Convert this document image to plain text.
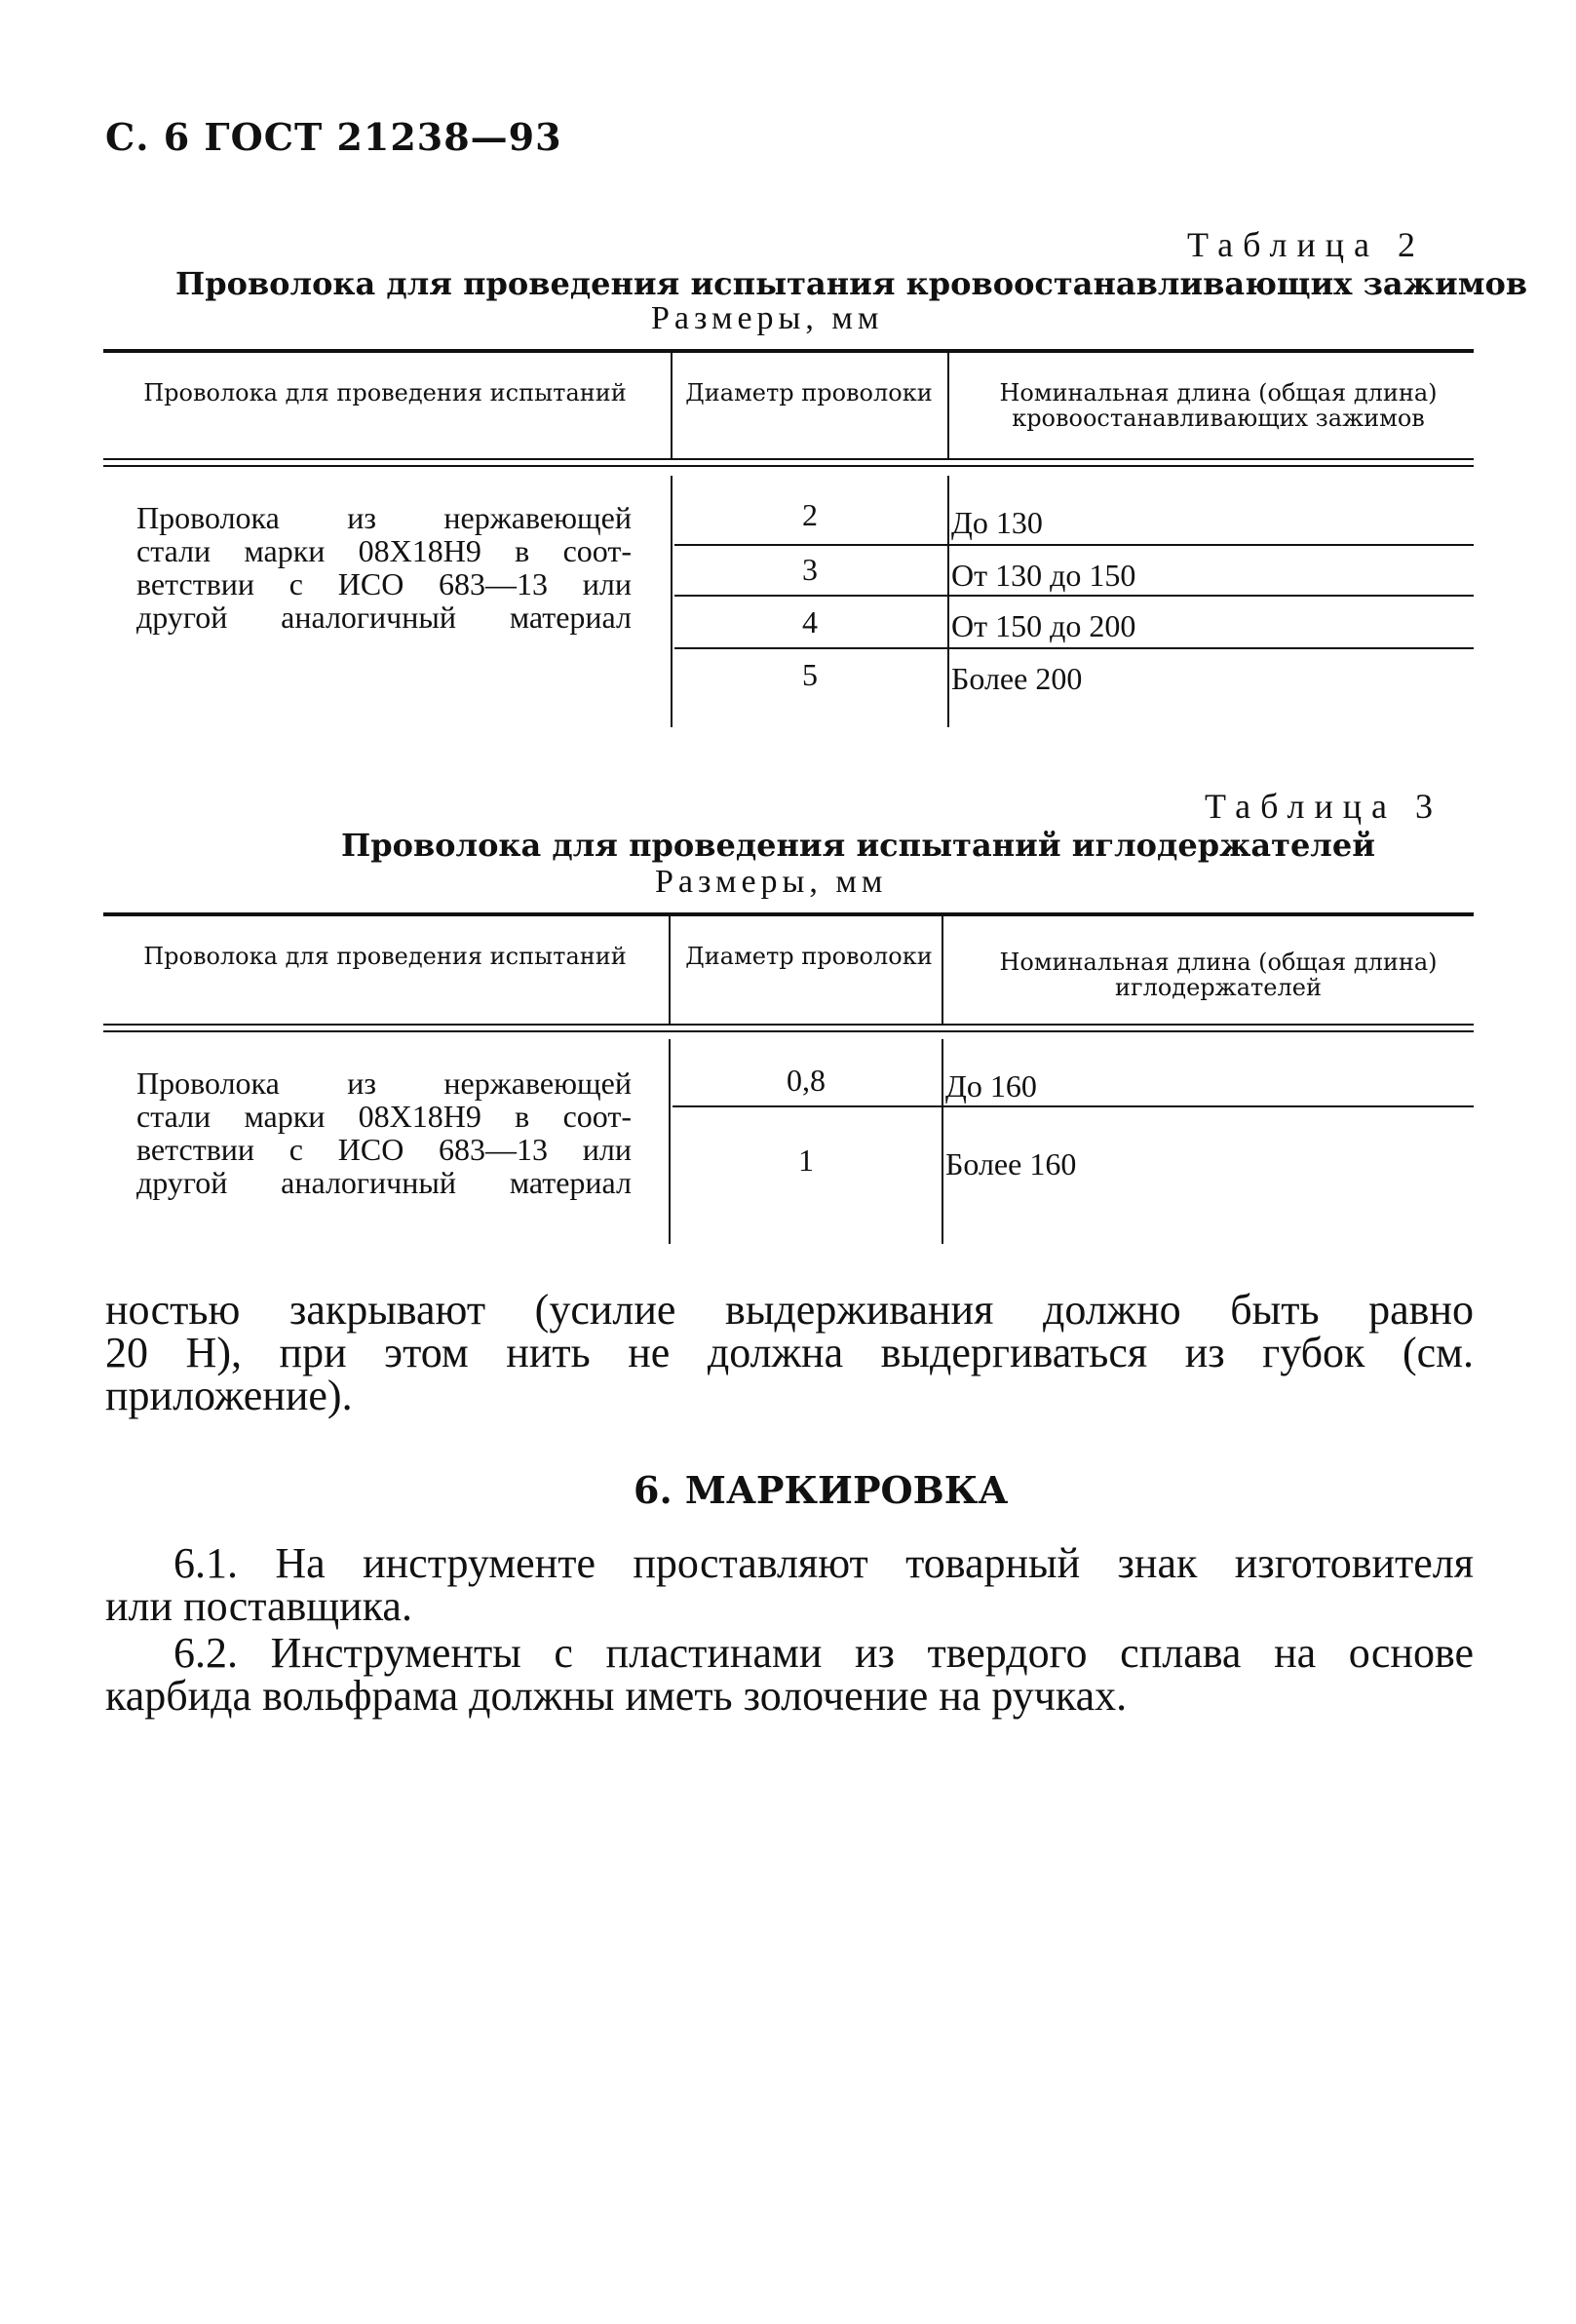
С. 6 ГОСТ 21238—93
Таблица 2
Проволока для проведения испытания кровоостанавливающих зажимов
Размеры, мм
Проволока для проведения испытаний	Диаметр проволоки	Номинальная длина (общая длина) кровоостанавливающих зажимов
Проволока из нержавеющей
стали марки 08Х18Н9 в соот-
ветствии с ИСО 683—13 или
другой аналогичный материал
2	До 130
3	От 130 до 150
4	От 150 до 200
5	Более 200
Таблица 3
Проволока для проведения испытаний иглодержателей
Размеры, мм
Проволока для проведения испытаний	Диаметр проволоки	Номинальная длина (общая длина) иглодержателей
Проволока из нержавеющей
стали марки 08Х18Н9 в соот-
ветствии с ИСО 683—13 или
другой аналогичный материал
0,8	До 160
1	Более 160
ностью закрывают (усилие выдерживания должно быть равно
20 Н), при этом нить не должна выдергиваться из губок (см.
приложение).
6. МАРКИРОВКА
6.1. На инструменте проставляют товарный знак изготовителя
или поставщика.
6.2. Инструменты с пластинами из твердого сплава на основе
карбида вольфрама должны иметь золочение на ручках.
